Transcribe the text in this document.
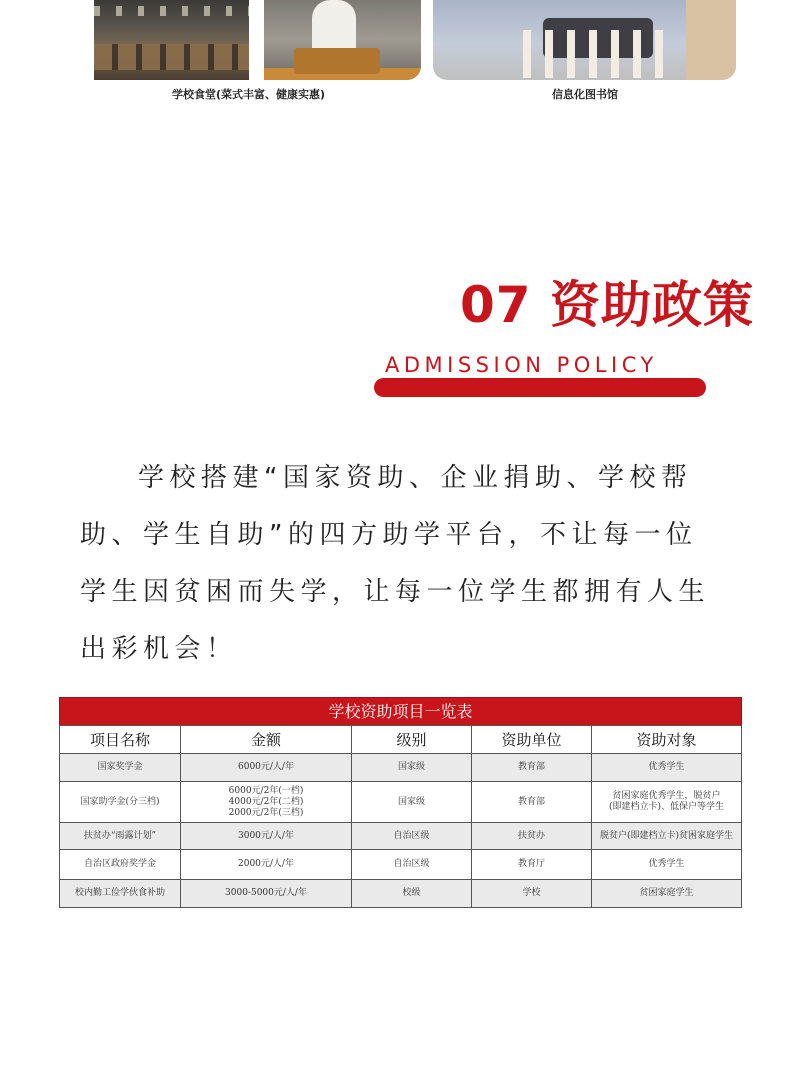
学校食堂(菜式丰富、健康实惠)	信息化图书馆
07 资助政策
ADMISSION POLICY

学校搭建“国家资助、企业捐助、学校帮助、学生自助”的四方助学平台，不让每一位学生因贫困而失学，让每一位学生都拥有人生出彩机会！

学校资助项目一览表
项目名称	金额	级别	资助单位	资助对象
国家奖学金	6000元/人/年	国家级	教育部	优秀学生

国家助学金(分三档)	6000元/2年(一档)
4000元/2年(二档)
2000元/2年(三档)	国家级	教育部	贫困家庭优秀学生，脱贫户
(即建档立卡)、低保户等学生

扶贫办“雨露计划”	3000元/人/年	自治区级	扶贫办	脱贫户(即建档立卡)贫困家庭学生

自治区政府奖学金	2000元/人/年	自治区级	教育厅	优秀学生

校内勤工俭学伙食补助	3000-5000元/人/年	校级	学校	贫困家庭学生
